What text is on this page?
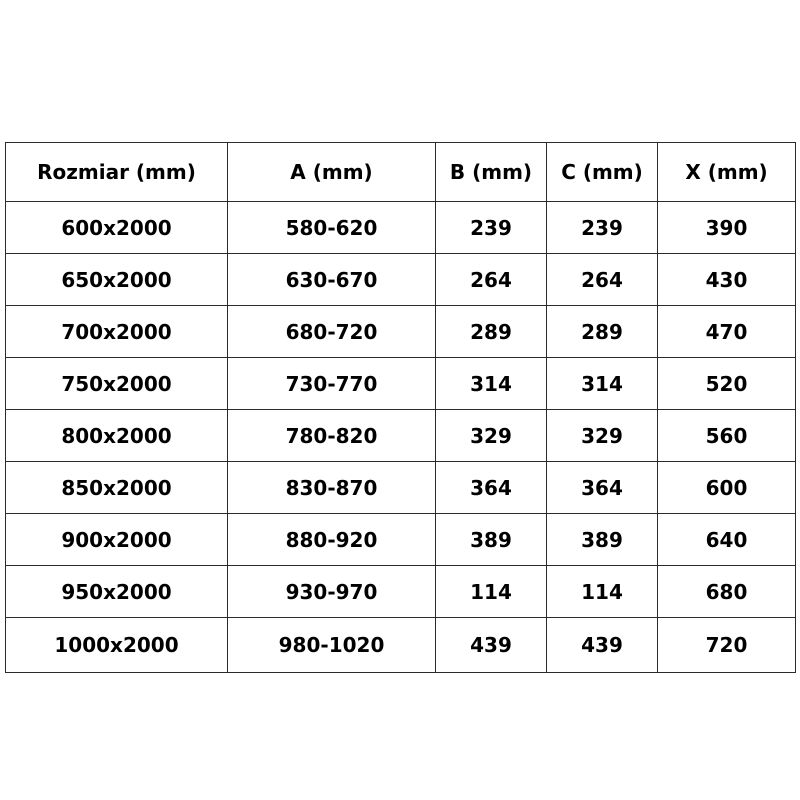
Rozmiar (mm)	A (mm)	B (mm)	C (mm)	X (mm)
600x2000	580-620	239	239	390
650x2000	630-670	264	264	430
700x2000	680-720	289	289	470
750x2000	730-770	314	314	520
800x2000	780-820	329	329	560
850x2000	830-870	364	364	600
900x2000	880-920	389	389	640
950x2000	930-970	114	114	680
1000x2000	980-1020	439	439	720
